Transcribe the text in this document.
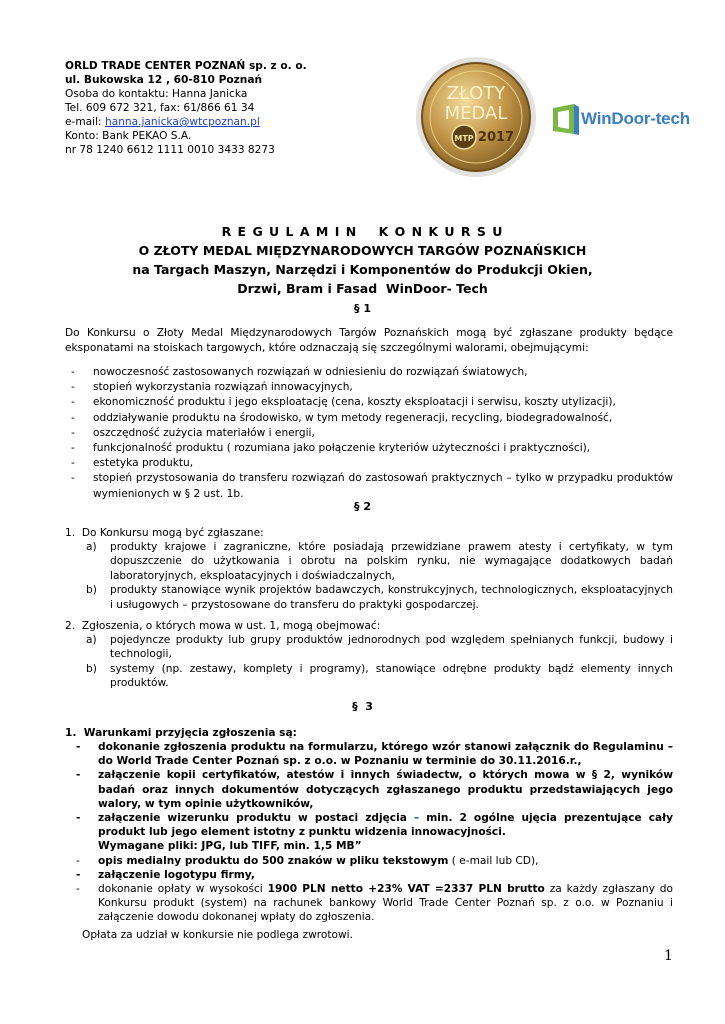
ORLD TRADE CENTER POZNAŃ sp. z o. o.
ul. Bukowska 12 , 60-810 Poznań
Osoba do kontaktu: Hanna Janicka
Tel. 609 672 321, fax: 61/866 61 34
e-mail: hanna.janicka@wtcpoznan.pl
Konto: Bank PEKAO S.A.
nr 78 1240 6612 1111 0010 3433 8273
ZŁOTY
MEDAL
MTP 2017
WinDoor-tech
R E G U L A M I N    K O N K U R S U
O ZŁOTY MEDAL MIĘDZYNARODOWYCH TARGÓW POZNAŃSKICH
na Targach Maszyn, Narzędzi i Komponentów do Produkcji Okien,
Drzwi, Bram i Fasad  WinDoor- Tech
§ 1
Do Konkursu o Złoty Medal Międzynarodowych Targów Poznańskich mogą być zgłaszane produkty będące eksponatami na stoiskach targowych, które odznaczają się szczególnymi walorami, obejmującymi:
- nowoczesność zastosowanych rozwiązań w odniesieniu do rozwiązań światowych,
- stopień wykorzystania rozwiązań innowacyjnych,
- ekonomiczność produktu i jego eksploatację (cena, koszty eksploatacji i serwisu, koszty utylizacji),
- oddziaływanie produktu na środowisko, w tym metody regeneracji, recycling, biodegradowalność,
- oszczędność zużycia materiałów i energii,
- funkcjonalność produktu ( rozumiana jako połączenie kryteriów użyteczności i praktyczności),
- estetyka produktu,
- stopień przystosowania do transferu rozwiązań do zastosowań praktycznych – tylko w przypadku produktów wymienionych w § 2 ust. 1b.
§ 2
1.  Do Konkursu mogą być zgłaszane:
a) produkty krajowe i zagraniczne, które posiadają przewidziane prawem atesty i certyfikaty, w tym dopuszczenie do użytkowania i obrotu na polskim rynku, nie wymagające dodatkowych badań laboratoryjnych, eksploatacyjnych i doświadczalnych,
b) produkty stanowiące wynik projektów badawczych, konstrukcyjnych, technologicznych, eksploatacyjnych i usługowych – przystosowane do transferu do praktyki gospodarczej.
2.  Zgłoszenia, o których mowa w ust. 1, mogą obejmować:
a) pojedyncze produkty lub grupy produktów jednorodnych pod względem spełnianych funkcji, budowy i technologii,
b) systemy (np. zestawy, komplety i programy), stanowiące odrębne produkty bądź elementy innych produktów.
§  3
1.  Warunkami przyjęcia zgłoszenia są:
- dokonanie zgłoszenia produktu na formularzu, którego wzór stanowi załącznik do Regulaminu – do World Trade Center Poznań sp. z o.o. w Poznaniu w terminie do 30.11.2016.r.,
- załączenie kopii certyfikatów, atestów i innych świadectw, o których mowa w § 2, wyników badań oraz innych dokumentów dotyczących zgłaszanego produktu przedstawiających jego walory, w tym opinie użytkowników,
- załączenie wizerunku produktu w postaci zdjęcia – min. 2 ogólne ujęcia prezentujące cały produkt lub jego element istotny z punktu widzenia innowacyjności.
Wymagane pliki: JPG, lub TIFF, min. 1,5 MB”
- opis medialny produktu do 500 znaków w pliku tekstowym ( e-mail lub CD),
- załączenie logotypu firmy,
- dokonanie opłaty w wysokości 1900 PLN netto +23% VAT =2337 PLN brutto za każdy zgłaszany do Konkursu produkt (system) na rachunek bankowy World Trade Center Poznań sp. z o.o. w Poznaniu i załączenie dowodu dokonanej wpłaty do zgłoszenia.
Opłata za udział w konkursie nie podlega zwrotowi.
1
